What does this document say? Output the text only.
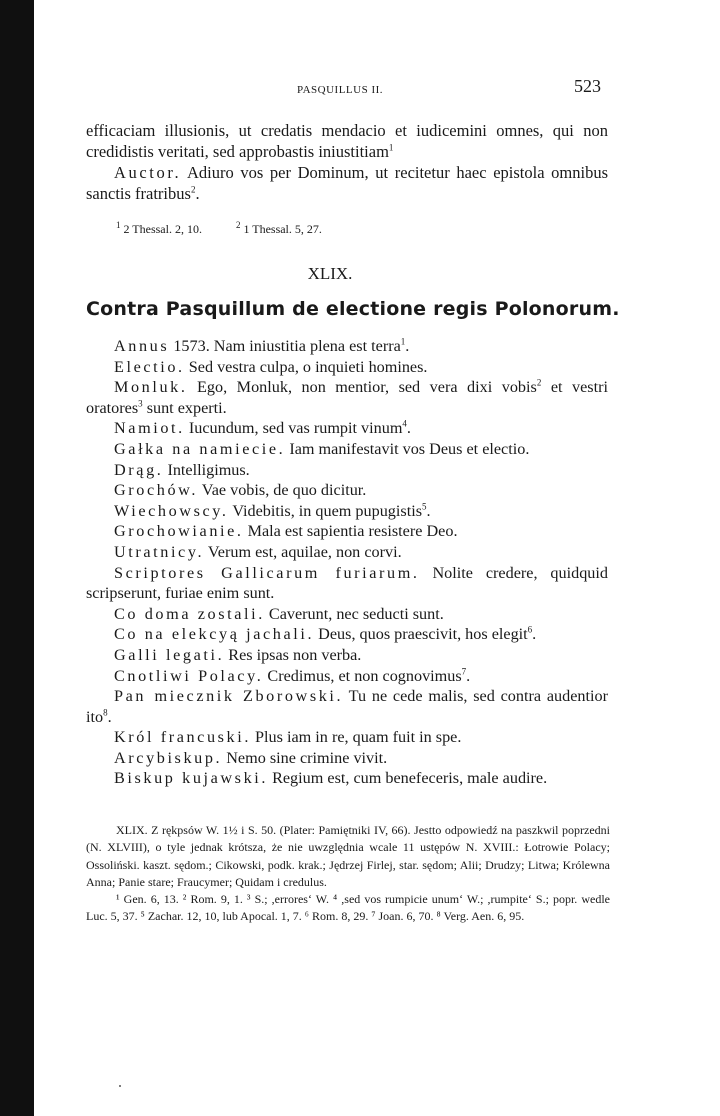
PASQUILLUS II.	523

efficaciam illusionis, ut credatis mendacio et iudicemini omnes, qui non credidistis veritati, sed approbastis iniustitiam$^1$

Auctor. Adiuro vos per Dominum, ut recitetur haec epistola omnibus sanctis fratribus$^2$.

$^1$ 2 Thessal. 2, 10.	$^2$ 1 Thessal. 5, 27.
XLIX.
Contra Pasquillum de electione regis Polonorum.

Annus 1573. Nam iniustitia plena est terra$^1$.

Electio. Sed vestra culpa, o inquieti homines.

Monluk. Ego, Monluk, non mentior, sed vera dixi vobis$^2$ et vestri oratores$^3$ sunt experti.

Namiot. Iucundum, sed vas rumpit vinum$^4$.

Gałka na namiecie. Iam manifestavit vos Deus et electio.

Drąg. Intelligimus.

Grochów. Vae vobis, de quo dicitur.

Wiechowscy. Videbitis, in quem pupugistis$^5$.

Grochowianie. Mala est sapientia resistere Deo.

Utratnicy. Verum est, aquilae, non corvi.

Scriptores Gallicarum furiarum. Nolite credere, quidquid scripserunt, furiae enim sunt.

Co doma zostali. Caverunt, nec seducti sunt.

Co na elekcyą jachali. Deus, quos praescivit, hos elegit$^6$.

Galli legati. Res ipsas non verba.

Cnotliwi Polacy. Credimus, et non cognovimus$^7$.

Pan miecznik Zborowski. Tu ne cede malis, sed contra audentior ito$^8$.

Król francuski. Plus iam in re, quam fuit in spe.

Arcybiskup. Nemo sine crimine vivit.

Biskup kujawski. Regium est, cum benefeceris, male audire.

XLIX. Z rękpsów W. 1½ i S. 50. (Plater: Pamiętniki IV, 66). Jestto odpowiedź na paszkwil poprzedni (N. XLVIII), o tyle jednak krótsza, że nie uwzględnia wcale 11 ustępów N. XVIII.: Łotrowie Polacy; Ossoliński. kaszt. sędom.; Cikowski, podk. krak.; Jędrzej Firlej, star. sędom; Alii; Drudzy; Litwa; Królewna Anna; Panie stare; Fraucymer; Quidam i credulus.

¹ Gen. 6, 13. ² Rom. 9, 1. ³ S.; ,errores‘ W. ⁴ ,sed vos rumpicie unum‘ W.; ,rumpite‘ S.; popr. wedle Luc. 5, 37. ⁵ Zachar. 12, 10, lub Apocal. 1, 7. ⁶ Rom. 8, 29. ⁷ Joan. 6, 70. ⁸ Verg. Aen. 6, 95.
